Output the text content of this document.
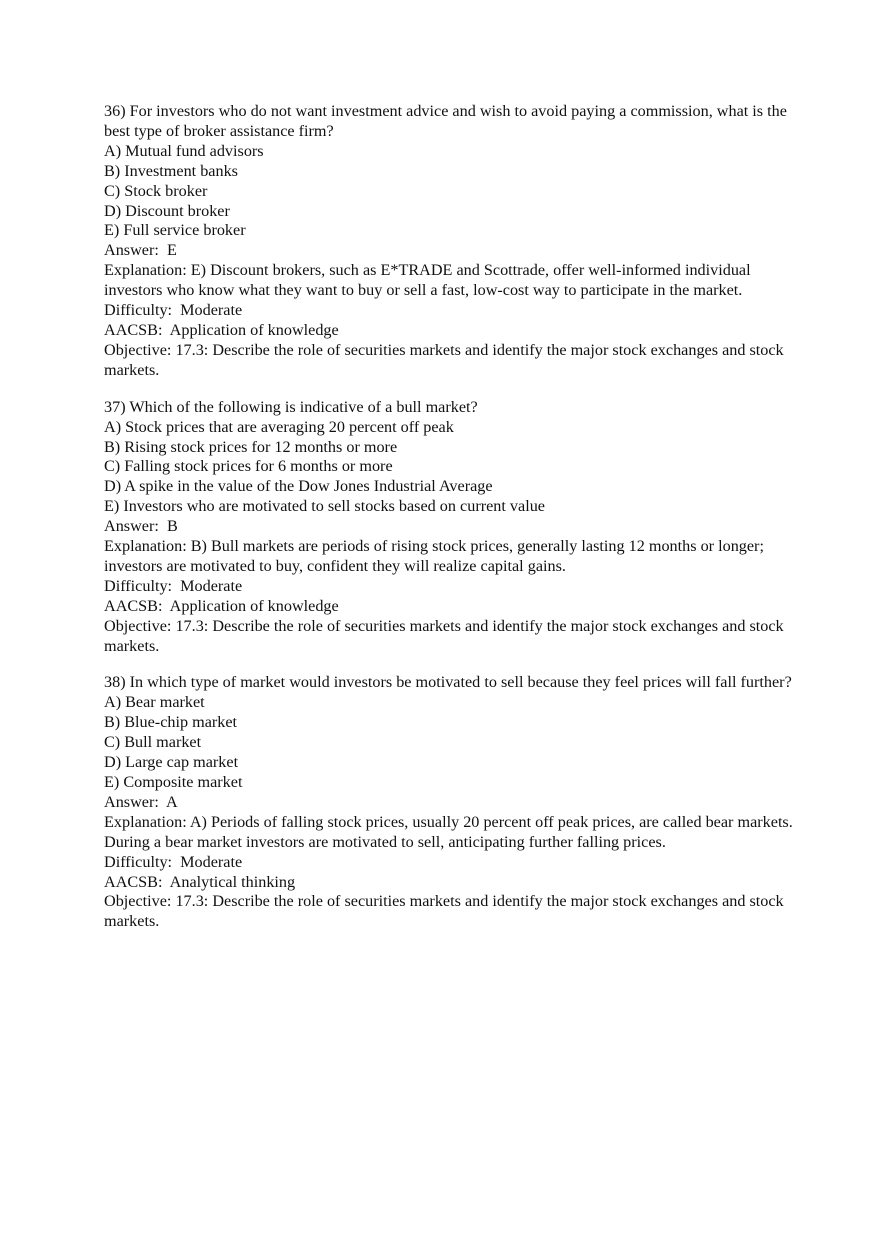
36) For investors who do not want investment advice and wish to avoid paying a commission, what is the best type of broker assistance firm?
A) Mutual fund advisors
B) Investment banks
C) Stock broker
D) Discount broker
E) Full service broker
Answer:  E
Explanation: E) Discount brokers, such as E*TRADE and Scottrade, offer well-informed individual investors who know what they want to buy or sell a fast, low-cost way to participate in the market.
Difficulty:  Moderate
AACSB:  Application of knowledge
Objective: 17.3: Describe the role of securities markets and identify the major stock exchanges and stock markets.
37) Which of the following is indicative of a bull market?
A) Stock prices that are averaging 20 percent off peak
B) Rising stock prices for 12 months or more
C) Falling stock prices for 6 months or more
D) A spike in the value of the Dow Jones Industrial Average
E) Investors who are motivated to sell stocks based on current value
Answer:  B
Explanation: B) Bull markets are periods of rising stock prices, generally lasting 12 months or longer; investors are motivated to buy, confident they will realize capital gains.
Difficulty:  Moderate
AACSB:  Application of knowledge
Objective: 17.3: Describe the role of securities markets and identify the major stock exchanges and stock markets.
38) In which type of market would investors be motivated to sell because they feel prices will fall further?
A) Bear market
B) Blue-chip market
C) Bull market
D) Large cap market
E) Composite market
Answer:  A
Explanation: A) Periods of falling stock prices, usually 20 percent off peak prices, are called bear markets. During a bear market investors are motivated to sell, anticipating further falling prices.
Difficulty:  Moderate
AACSB:  Analytical thinking
Objective: 17.3: Describe the role of securities markets and identify the major stock exchanges and stock markets.
